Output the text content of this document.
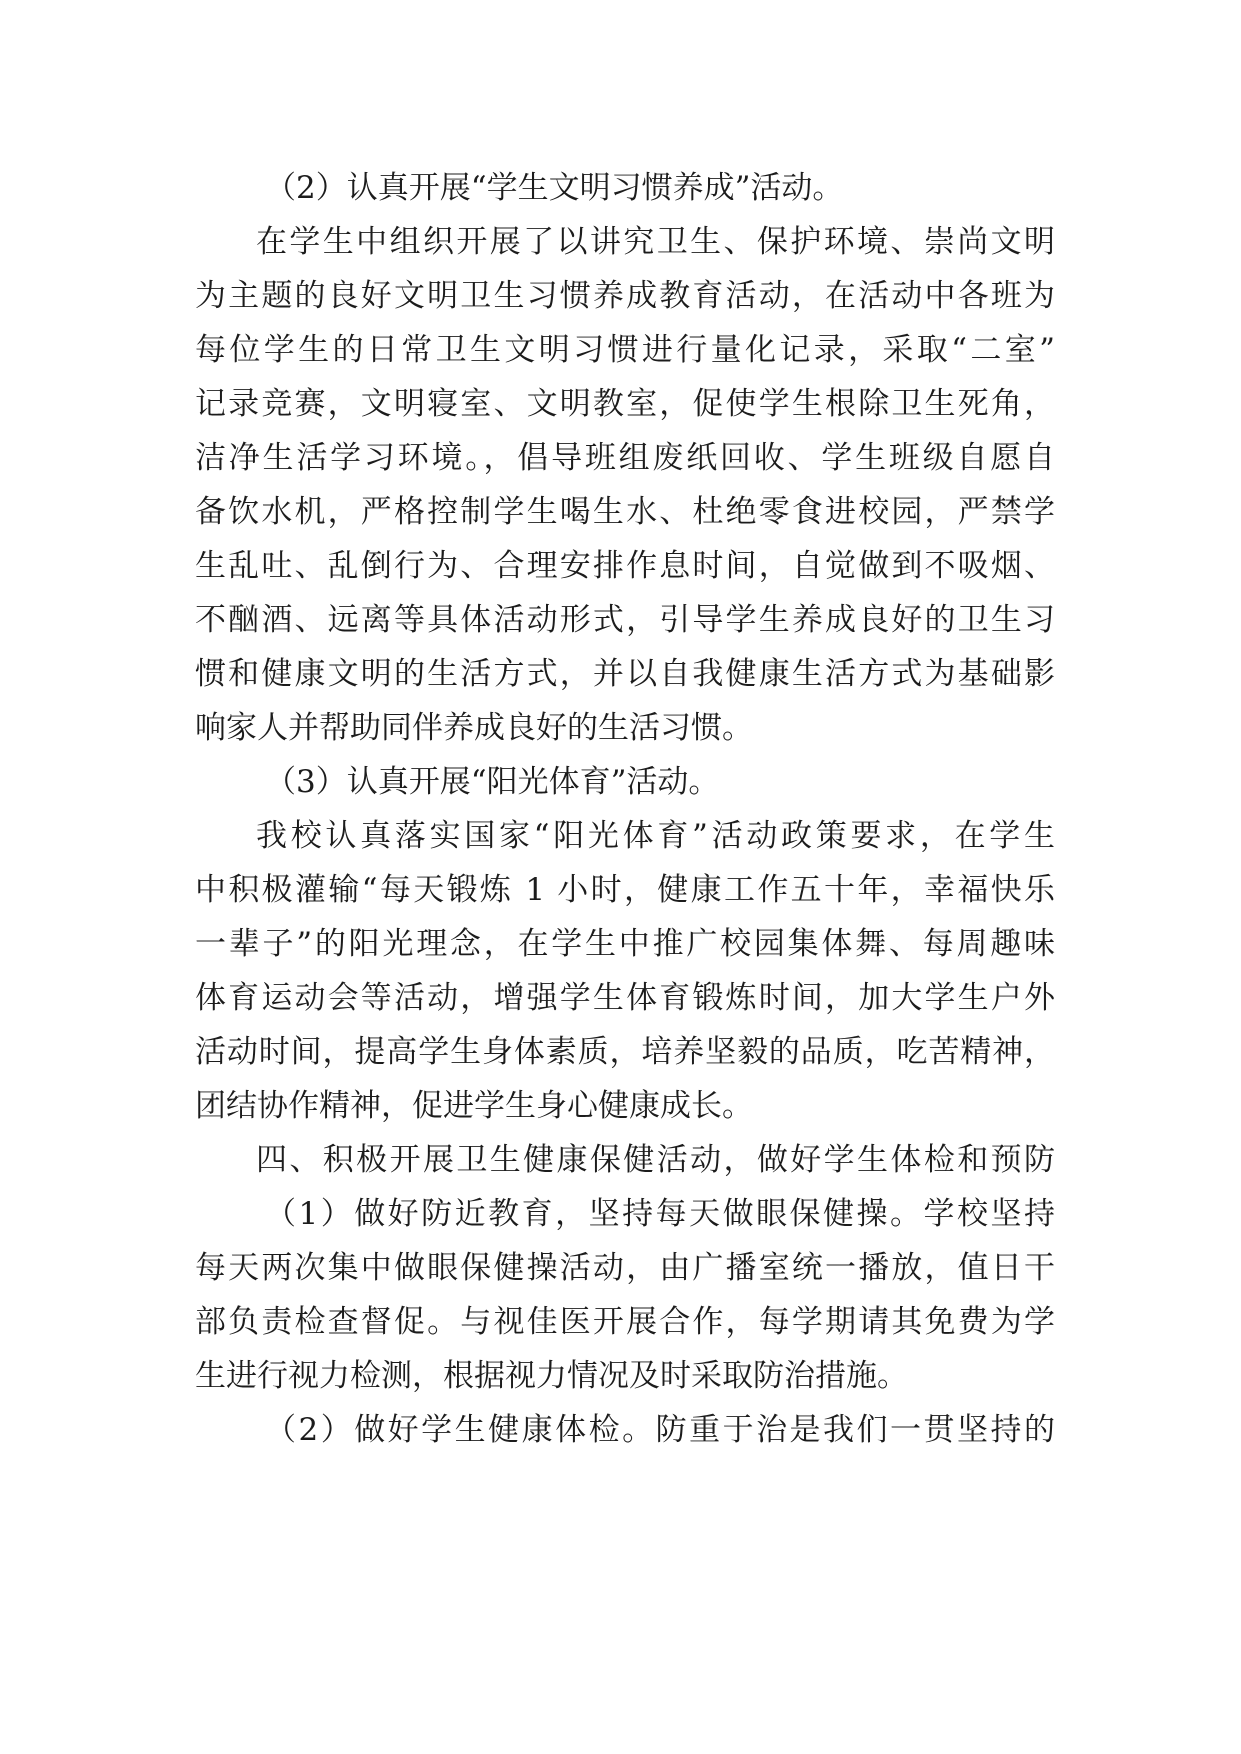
（2）认真开展“学生文明习惯养成”活动。
在学生中组织开展了以讲究卫生、保护环境、崇尚文明
为主题的良好文明卫生习惯养成教育活动，在活动中各班为
每位学生的日常卫生文明习惯进行量化记录，采取“二室”
记录竞赛，文明寝室、文明教室，促使学生根除卫生死角，
洁净生活学习环境。，倡导班组废纸回收、学生班级自愿自
备饮水机，严格控制学生喝生水、杜绝零食进校园，严禁学
生乱吐、乱倒行为、合理安排作息时间，自觉做到不吸烟、
不酗酒、远离等具体活动形式，引导学生养成良好的卫生习
惯和健康文明的生活方式，并以自我健康生活方式为基础影
响家人并帮助同伴养成良好的生活习惯。
（3）认真开展“阳光体育”活动。
我校认真落实国家“阳光体育”活动政策要求，在学生
中积极灌输“每天锻炼 1 小时，健康工作五十年，幸福快乐
一辈子”的阳光理念，在学生中推广校园集体舞、每周趣味
体育运动会等活动，增强学生体育锻炼时间，加大学生户外
活动时间，提高学生身体素质，培养坚毅的品质，吃苦精神，
团结协作精神，促进学生身心健康成长。
四、积极开展卫生健康保健活动，做好学生体检和预防
（1）做好防近教育，坚持每天做眼保健操。学校坚持
每天两次集中做眼保健操活动，由广播室统一播放，值日干
部负责检查督促。与视佳医开展合作，每学期请其免费为学
生进行视力检测，根据视力情况及时采取防治措施。
（2）做好学生健康体检。防重于治是我们一贯坚持的
